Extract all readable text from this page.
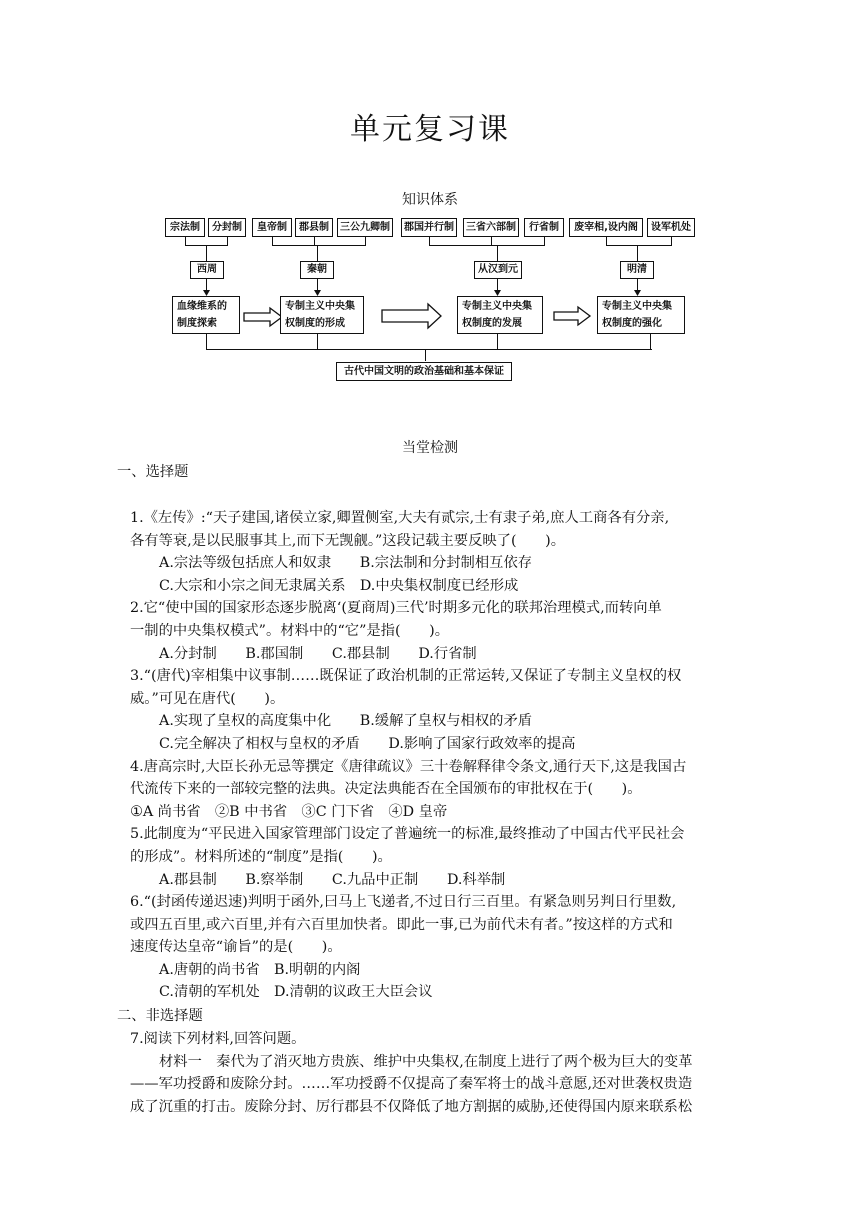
单元复习课
知识体系
宗法制	分封制	皇帝制	郡县制	三公九卿制	郡国并行制	三省六部制	行省制	废宰相,设内阁	设军机处
西周	秦朝	从汉到元	明清
血缘维系的制度探索
专制主义中央集权制度的形成
专制主义中央集权制度的发展
专制主义中央集权制度的强化
古代中国文明的政治基础和基本保证
当堂检测
一、选择题
1.《左传》:“天子建国,诸侯立家,卿置侧室,大夫有贰宗,士有隶子弟,庶人工商各有分亲,
各有等衰,是以民服事其上,而下无觊觎。”这段记载主要反映了(　　)。
A.宗法等级包括庶人和奴隶　　B.宗法制和分封制相互依存
C.大宗和小宗之间无隶属关系　D.中央集权制度已经形成
2.它“使中国的国家形态逐步脱离‘(夏商周)三代’时期多元化的联邦治理模式,而转向单
一制的中央集权模式”。材料中的“它”是指(　　)。
A.分封制　　B.郡国制　　C.郡县制　　D.行省制
3.“(唐代)宰相集中议事制……既保证了政治机制的正常运转,又保证了专制主义皇权的权
威。”可见在唐代(　　)。
A.实现了皇权的高度集中化　　B.缓解了皇权与相权的矛盾
C.完全解决了相权与皇权的矛盾　　D.影响了国家行政效率的提高
4.唐高宗时,大臣长孙无忌等撰定《唐律疏议》三十卷解释律令条文,通行天下,这是我国古
代流传下来的一部较完整的法典。决定法典能否在全国颁布的审批权在于(　　)。
①A 尚书省　②B 中书省　③C 门下省　④D 皇帝
5.此制度为“平民进入国家管理部门设定了普遍统一的标准,最终推动了中国古代平民社会
的形成”。材料所述的“制度”是指(　　)。
A.郡县制　　B.察举制　　C.九品中正制　　D.科举制
6.“(封函传递迟速)判明于函外,曰马上飞递者,不过日行三百里。有紧急则另判日行里数,
或四五百里,或六百里,并有六百里加快者。即此一事,已为前代未有者。”按这样的方式和
速度传达皇帝“谕旨”的是(　　)。
A.唐朝的尚书省　B.明朝的内阁
C.清朝的军机处　D.清朝的议政王大臣会议
二、非选择题
7.阅读下列材料,回答问题。
材料一　秦代为了消灭地方贵族、维护中央集权,在制度上进行了两个极为巨大的变革
——军功授爵和废除分封。……军功授爵不仅提高了秦军将士的战斗意愿,还对世袭权贵造
成了沉重的打击。废除分封、厉行郡县不仅降低了地方割据的威胁,还使得国内原来联系松
